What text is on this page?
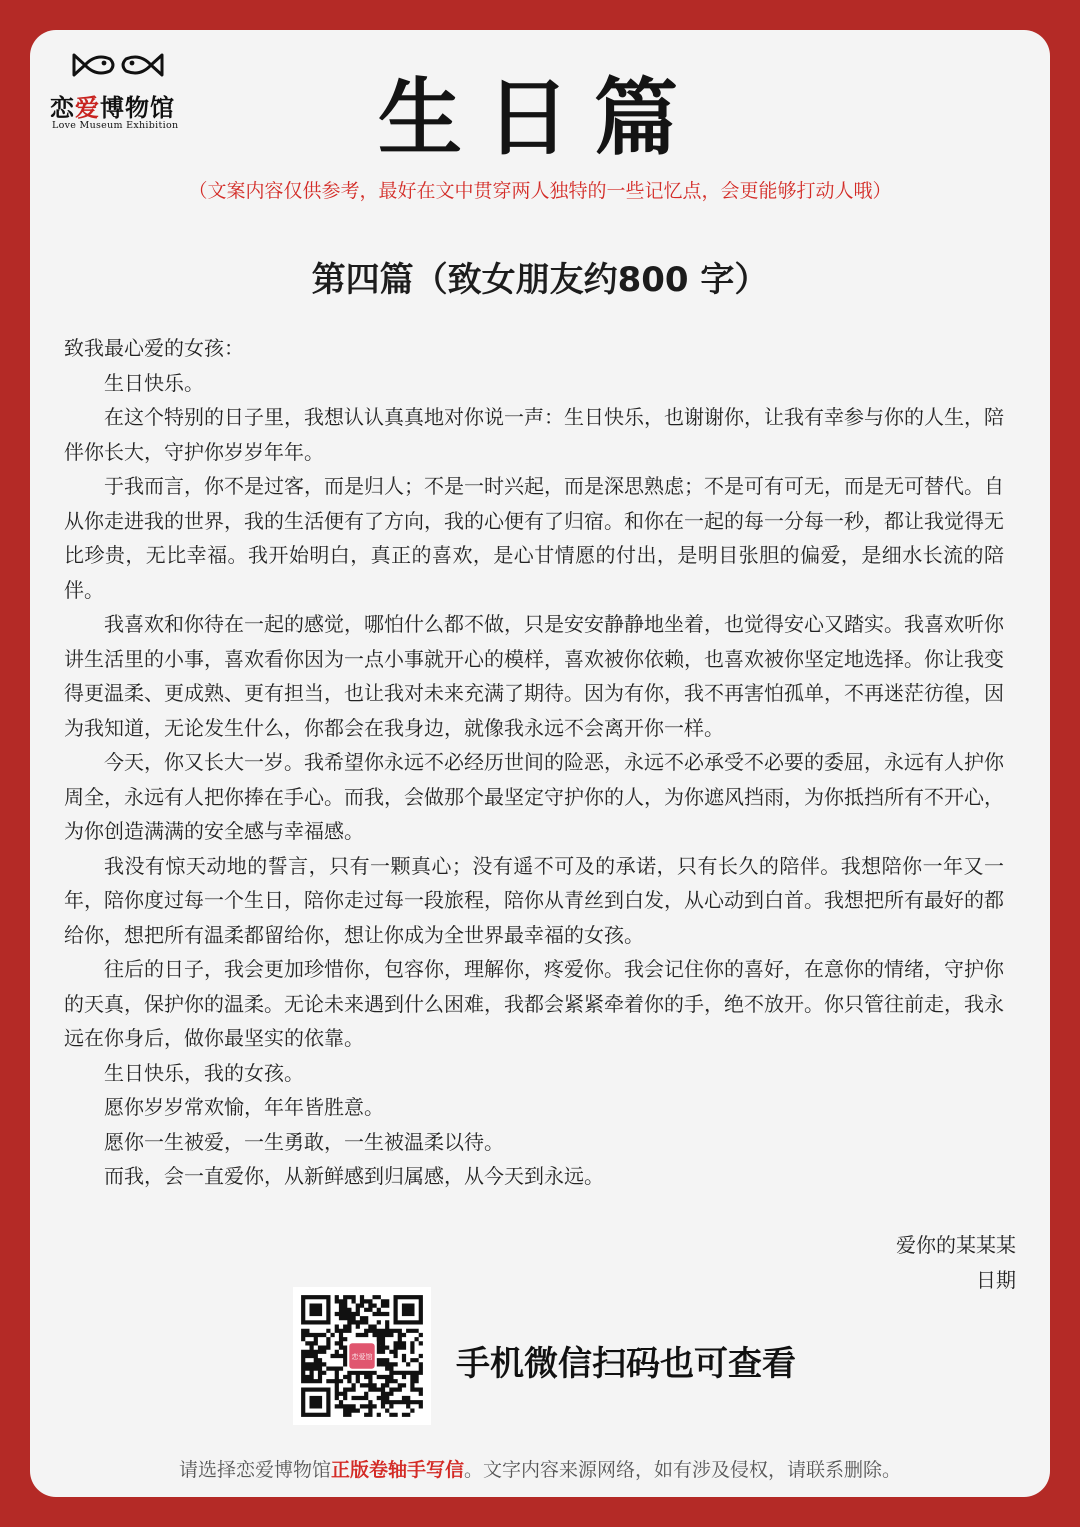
恋爱博物馆
Love Museum Exhibition	生日篇
（文案内容仅供参考，最好在文中贯穿两人独特的一些记忆点，会更能够打动人哦）
第四篇（致女朋友约800 字）

致我最心爱的女孩：

生日快乐。

在这个特别的日子里，我想认认真真地对你说一声：生日快乐，也谢谢你，让我有幸参与你的人生，陪伴你长大，守护你岁岁年年。

于我而言，你不是过客，而是归人；不是一时兴起，而是深思熟虑；不是可有可无，而是无可替代。自从你走进我的世界，我的生活便有了方向，我的心便有了归宿。和你在一起的每一分每一秒，都让我觉得无比珍贵，无比幸福。我开始明白，真正的喜欢，是心甘情愿的付出，是明目张胆的偏爱，是细水长流的陪伴。

我喜欢和你待在一起的感觉，哪怕什么都不做，只是安安静静地坐着，也觉得安心又踏实。我喜欢听你讲生活里的小事，喜欢看你因为一点小事就开心的模样，喜欢被你依赖，也喜欢被你坚定地选择。你让我变得更温柔、更成熟、更有担当，也让我对未来充满了期待。因为有你，我不再害怕孤单，不再迷茫彷徨，因为我知道，无论发生什么，你都会在我身边，就像我永远不会离开你一样。

今天，你又长大一岁。我希望你永远不必经历世间的险恶，永远不必承受不必要的委屈，永远有人护你周全，永远有人把你捧在手心。而我，会做那个最坚定守护你的人，为你遮风挡雨，为你抵挡所有不开心，为你创造满满的安全感与幸福感。

我没有惊天动地的誓言，只有一颗真心；没有遥不可及的承诺，只有长久的陪伴。我想陪你一年又一年，陪你度过每一个生日，陪你走过每一段旅程，陪你从青丝到白发，从心动到白首。我想把所有最好的都给你，想把所有温柔都留给你，想让你成为全世界最幸福的女孩。

往后的日子，我会更加珍惜你，包容你，理解你，疼爱你。我会记住你的喜好，在意你的情绪，守护你的天真，保护你的温柔。无论未来遇到什么困难，我都会紧紧牵着你的手，绝不放开。你只管往前走，我永远在你身后，做你最坚实的依靠。

生日快乐，我的女孩。

愿你岁岁常欢愉，年年皆胜意。

愿你一生被爱，一生勇敢，一生被温柔以待。

而我，会一直爱你，从新鲜感到归属感，从今天到永远。

爱你的某某某
日期
恋爱馆 手机微信扫码也可查看
请选择恋爱博物馆正版卷轴手写信。文字内容来源网络，如有涉及侵权，请联系删除。
